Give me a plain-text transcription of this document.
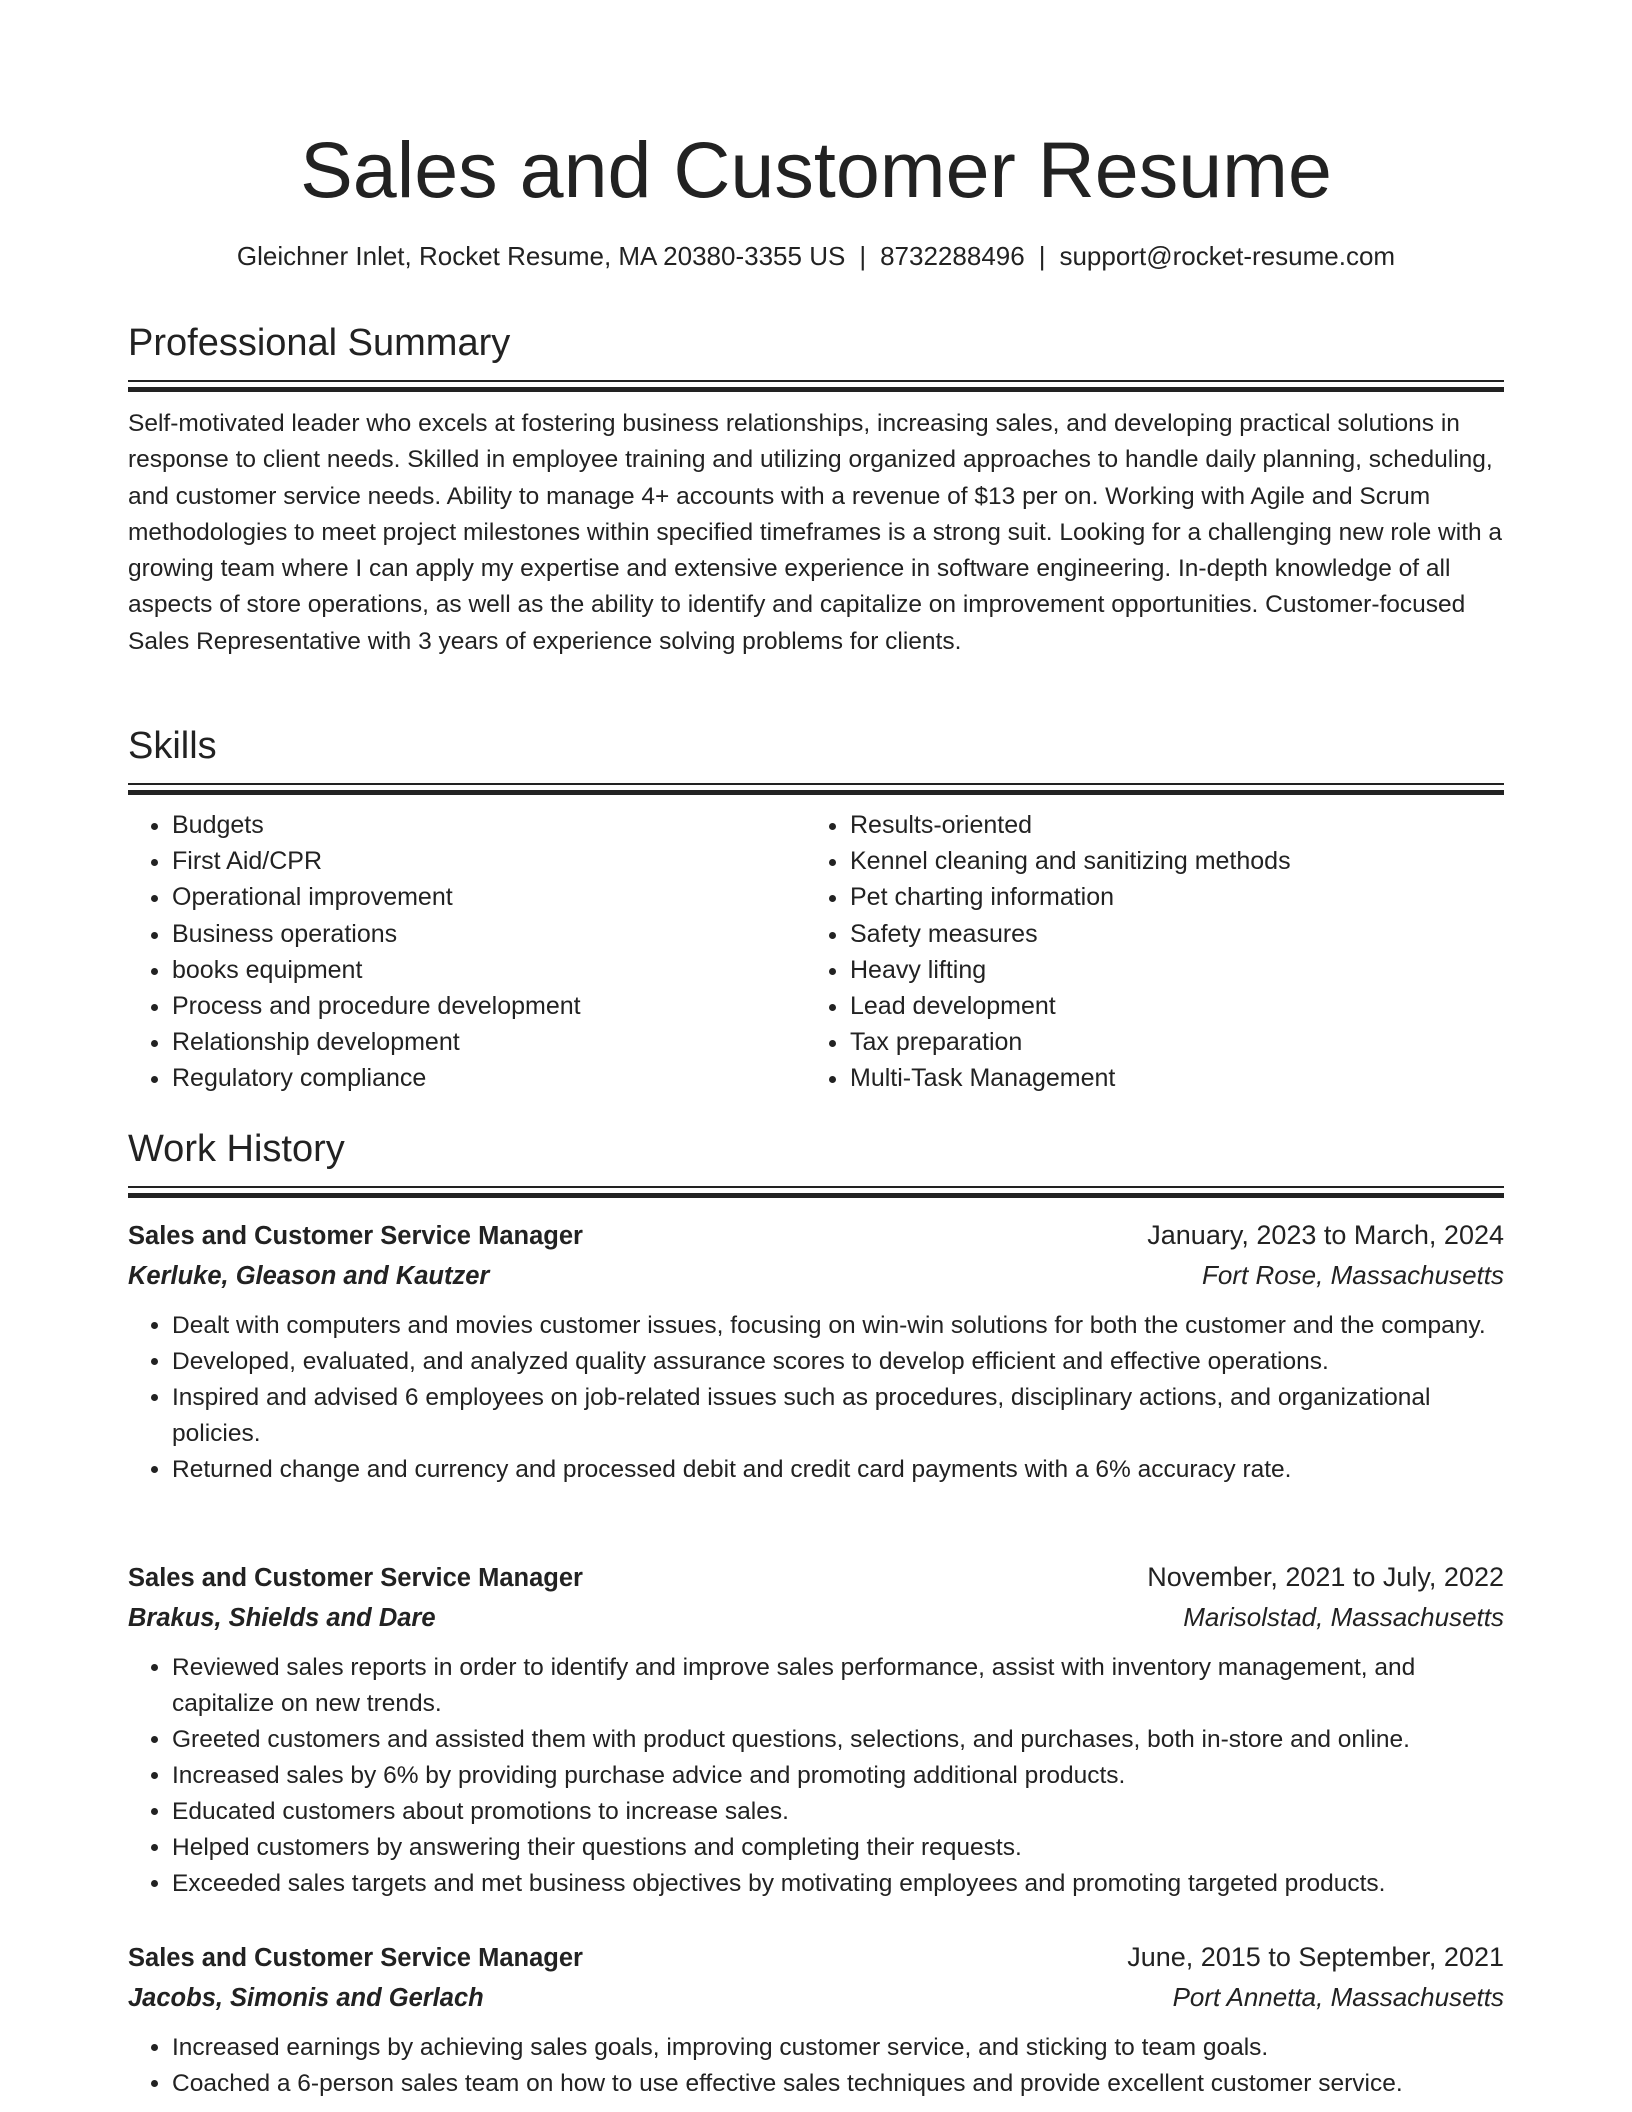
Sales and Customer Resume
Gleichner Inlet, Rocket Resume, MA 20380-3355 US | 8732288496 | support@rocket-resume.com
Professional Summary
Self-motivated leader who excels at fostering business relationships, increasing sales, and developing practical solutions in response to client needs. Skilled in employee training and utilizing organized approaches to handle daily planning, scheduling, and customer service needs. Ability to manage 4+ accounts with a revenue of $13 per on. Working with Agile and Scrum methodologies to meet project milestones within specified timeframes is a strong suit. Looking for a challenging new role with a growing team where I can apply my expertise and extensive experience in software engineering. In-depth knowledge of all aspects of store operations, as well as the ability to identify and capitalize on improvement opportunities. Customer-focused Sales Representative with 3 years of experience solving problems for clients.
Skills
• Budgets
• First Aid/CPR
• Operational improvement
• Business operations
• books equipment
• Process and procedure development
• Relationship development
• Regulatory compliance
• Results-oriented
• Kennel cleaning and sanitizing methods
• Pet charting information
• Safety measures
• Heavy lifting
• Lead development
• Tax preparation
• Multi-Task Management
Work History
Sales and Customer Service Manager	January, 2023 to March, 2024
Kerluke, Gleason and Kautzer	Fort Rose, Massachusetts
• Dealt with computers and movies customer issues, focusing on win-win solutions for both the customer and the company.
• Developed, evaluated, and analyzed quality assurance scores to develop efficient and effective operations.
• Inspired and advised 6 employees on job-related issues such as procedures, disciplinary actions, and organizational policies.
• Returned change and currency and processed debit and credit card payments with a 6% accuracy rate.
Sales and Customer Service Manager	November, 2021 to July, 2022
Brakus, Shields and Dare	Marisolstad, Massachusetts
• Reviewed sales reports in order to identify and improve sales performance, assist with inventory management, and capitalize on new trends.
• Greeted customers and assisted them with product questions, selections, and purchases, both in-store and online.
• Increased sales by 6% by providing purchase advice and promoting additional products.
• Educated customers about promotions to increase sales.
• Helped customers by answering their questions and completing their requests.
• Exceeded sales targets and met business objectives by motivating employees and promoting targeted products.
Sales and Customer Service Manager	June, 2015 to September, 2021
Jacobs, Simonis and Gerlach	Port Annetta, Massachusetts
• Increased earnings by achieving sales goals, improving customer service, and sticking to team goals.
• Coached a 6-person sales team on how to use effective sales techniques and provide excellent customer service.
